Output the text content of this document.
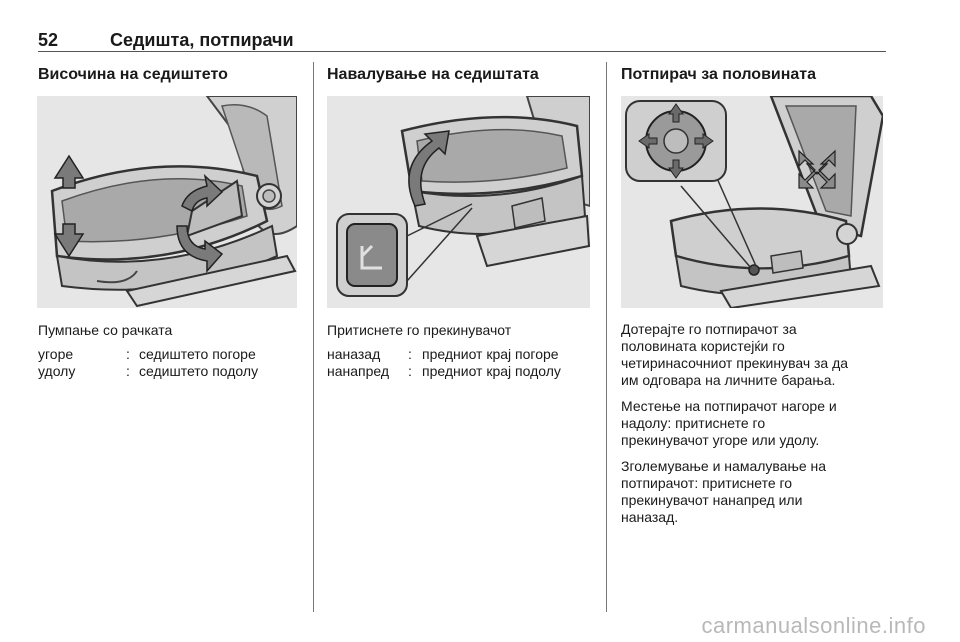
52	Седишта, потпирачи
Височина на седиштето
Пумпање со рачката
угоре	: седиштето погоре
удолу	: седиштето подолу
Навалување на седиштата
Притиснете го прекинувачот
наназад : предниот крај погоре
нанапред : предниот крај подолу
Потпирач за половината
Дотерајте го потпирачот за
половината користејќи го
четиринасочниот прекинувач за да
им одговара на личните барања.
Местење на потпирачот нагоре и
надолу: притиснете го
прекинувачот угоре или удолу.
Зголемување и намалување на
потпирачот: притиснете го
прекинувачот нанапред или
наназад.
carmanualsonline.info
